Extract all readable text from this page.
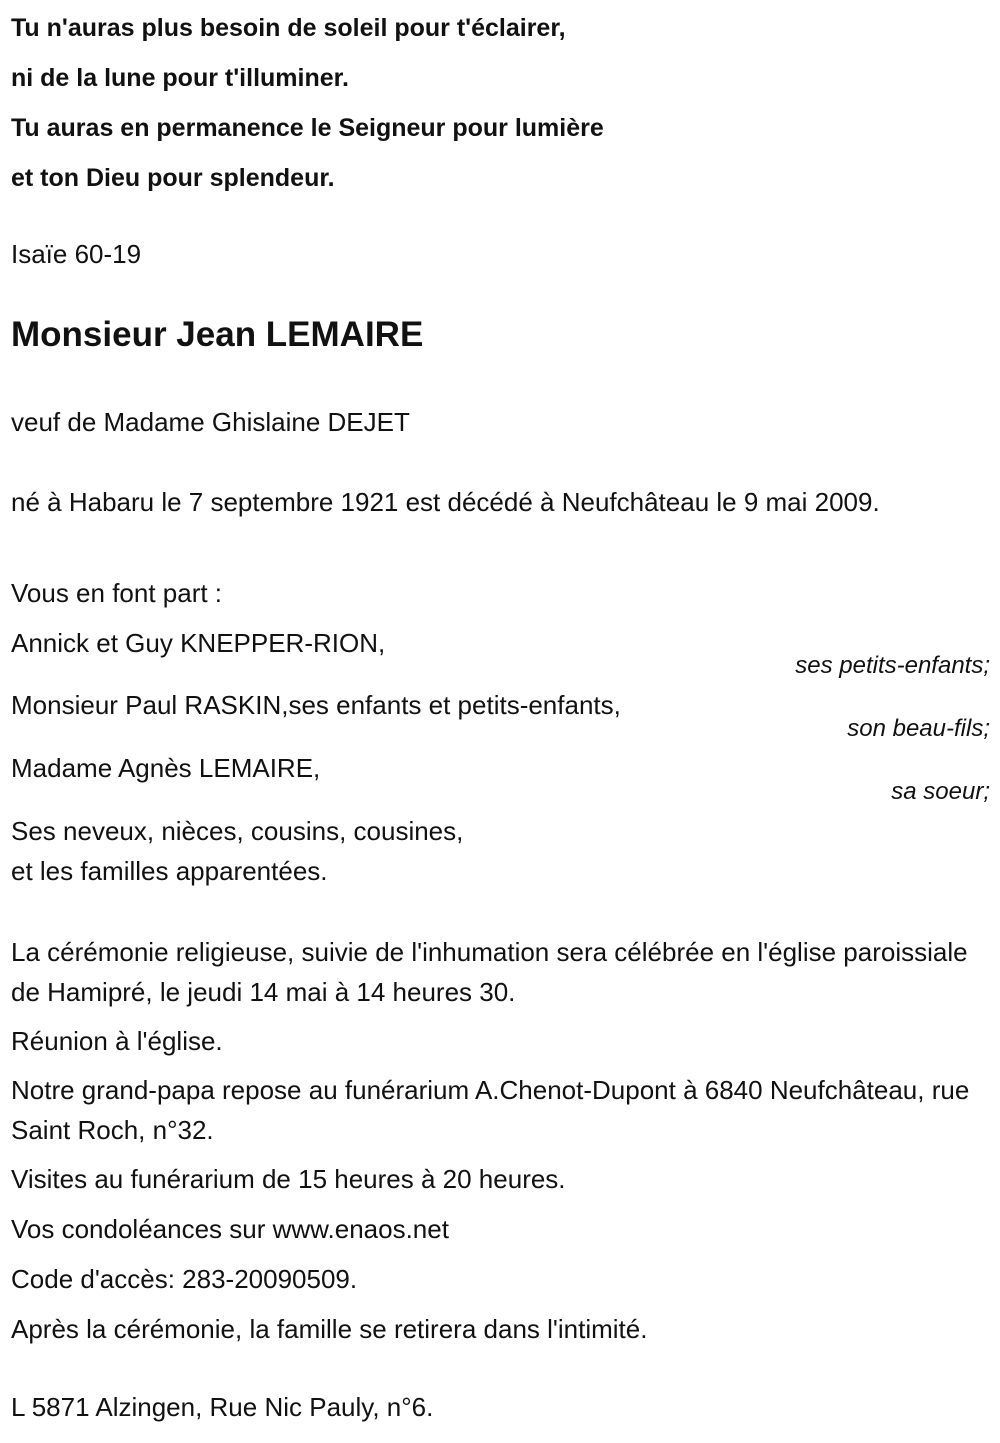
Tu n'auras plus besoin de soleil pour t'éclairer,
ni de la lune pour t'illuminer.
Tu auras en permanence le Seigneur pour lumière
et ton Dieu pour splendeur.
Isaïe 60-19
Monsieur Jean LEMAIRE
veuf de Madame Ghislaine DEJET
né à Habaru le 7 septembre 1921 est décédé à Neufchâteau le 9 mai 2009.
Vous en font part :
Annick et Guy KNEPPER-RION,
ses petits-enfants;
Monsieur Paul RASKIN,ses enfants et petits-enfants,
son beau-fils;
Madame Agnès LEMAIRE,
sa soeur;
Ses neveux, nièces, cousins, cousines,
et les familles apparentées.
La cérémonie religieuse, suivie de l'inhumation sera célébrée en l'église paroissiale de Hamipré, le jeudi 14 mai à 14 heures 30.
Réunion à l'église.
Notre grand-papa repose au funérarium A.Chenot-Dupont à 6840 Neufchâteau, rue Saint Roch, n°32.
Visites au funérarium de 15 heures à 20 heures.
Vos condoléances sur www.enaos.net
Code d'accès: 283-20090509.
Après la cérémonie, la famille se retirera dans l'intimité.
L 5871 Alzingen, Rue Nic Pauly, n°6.
